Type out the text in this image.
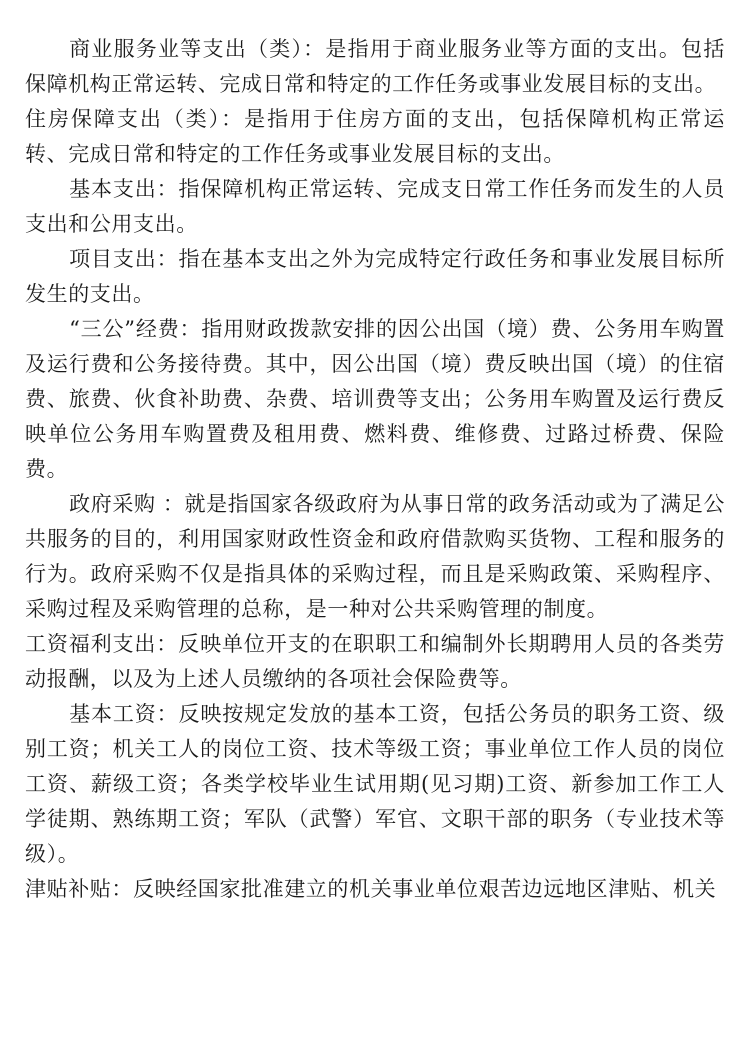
商业服务业等支出（类）：是指用于商业服务业等方面的支出。包括保障机构正常运转、完成日常和特定的工作任务或事业发展目标的支出。

住房保障支出（类）：是指用于住房方面的支出，包括保障机构正常运转、完成日常和特定的工作任务或事业发展目标的支出。

基本支出：指保障机构正常运转、完成支日常工作任务而发生的人员支出和公用支出。

项目支出：指在基本支出之外为完成特定行政任务和事业发展目标所发生的支出。

“三公”经费：指用财政拨款安排的因公出国（境）费、公务用车购置及运行费和公务接待费。其中，因公出国（境）费反映出国（境）的住宿费、旅费、伙食补助费、杂费、培训费等支出；公务用车购置及运行费反映单位公务用车购置费及租用费、燃料费、维修费、过路过桥费、保险费。

政府采购 ：就是指国家各级政府为从事日常的政务活动或为了满足公共服务的目的，利用国家财政性资金和政府借款购买货物、工程和服务的行为。政府采购不仅是指具体的采购过程，而且是采购政策、采购程序、采购过程及采购管理的总称，是一种对公共采购管理的制度。

工资福利支出：反映单位开支的在职职工和编制外长期聘用人员的各类劳动报酬，以及为上述人员缴纳的各项社会保险费等。

基本工资：反映按规定发放的基本工资，包括公务员的职务工资、级别工资；机关工人的岗位工资、技术等级工资；事业单位工作人员的岗位工资、薪级工资；各类学校毕业生试用期(见习期)工资、新参加工作工人学徒期、熟练期工资；军队（武警）军官、文职干部的职务（专业技术等级）。

津贴补贴：反映经国家批准建立的机关事业单位艰苦边远地区津贴、机关
